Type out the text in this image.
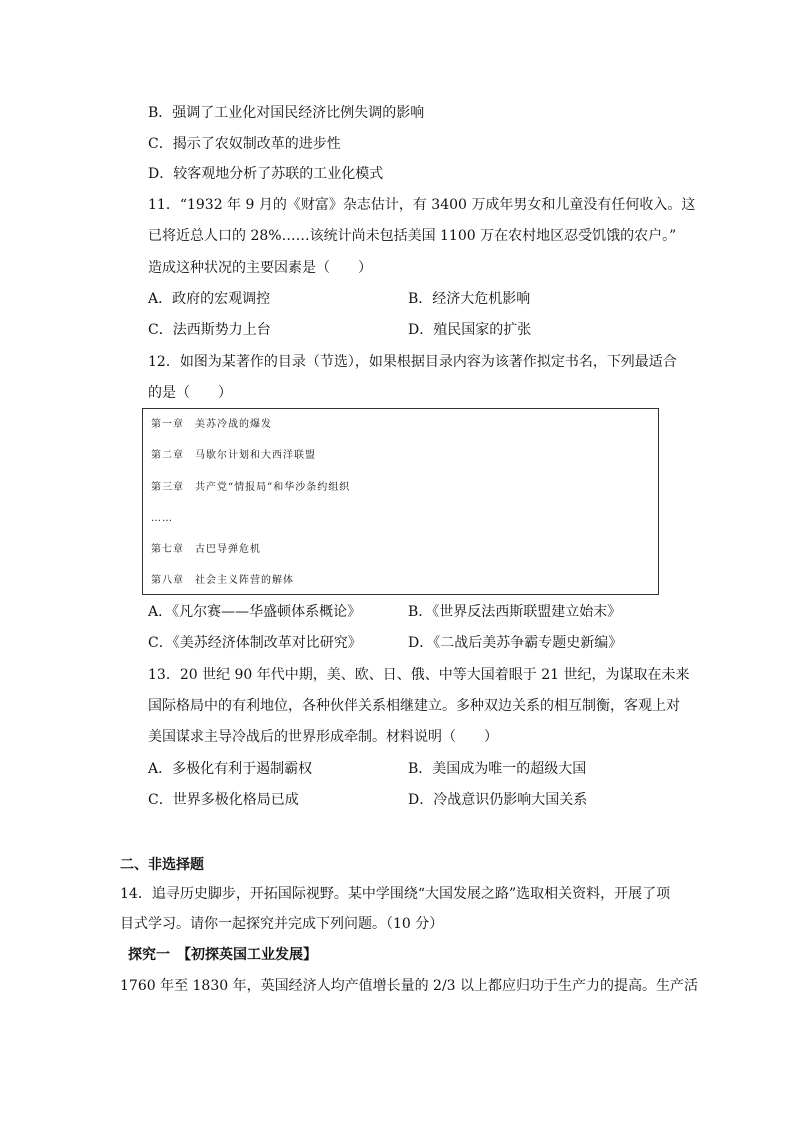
B．强调了工业化对国民经济比例失调的影响
C．揭示了农奴制改革的进步性
D．较客观地分析了苏联的工业化模式
11．“1932 年 9 月的《财富》杂志估计，有 3400 万成年男女和儿童没有任何收入。这
已将近总人口的 28%……该统计尚未包括美国 1100 万在农村地区忍受饥饿的农户。”
造成这种状况的主要因素是（　　）
A．政府的宏观调控	B．经济大危机影响
C．法西斯势力上台	D．殖民国家的扩张
12．如图为某著作的目录（节选），如果根据目录内容为该著作拟定书名，下列最适合
的是（　　）
第一章　美苏冷战的爆发
第二章　马歇尔计划和大西洋联盟
第三章　共产党“情报局”和华沙条约组织
……
第七章　古巴导弹危机
第八章　社会主义阵营的解体
A．《凡尔赛——华盛顿体系概论》	B．《世界反法西斯联盟建立始末》
C．《美苏经济体制改革对比研究》	D．《二战后美苏争霸专题史新编》
13．20 世纪 90 年代中期，美、欧、日、俄、中等大国着眼于 21 世纪，为谋取在未来
国际格局中的有利地位，各种伙伴关系相继建立。多种双边关系的相互制衡，客观上对
美国谋求主导冷战后的世界形成牵制。材料说明（　　）
A．多极化有利于遏制霸权	B．美国成为唯一的超级大国
C．世界多极化格局已成	D．冷战意识仍影响大国关系
二、非选择题
14．追寻历史脚步，开拓国际视野。某中学围绕“大国发展之路”选取相关资料，开展了项
目式学习。请你一起探究并完成下列问题。（10 分）
探究一　【初探英国工业发展】
1760 年至 1830 年，英国经济人均产值增长量的 2/3 以上都应归功于生产力的提高。生产活
